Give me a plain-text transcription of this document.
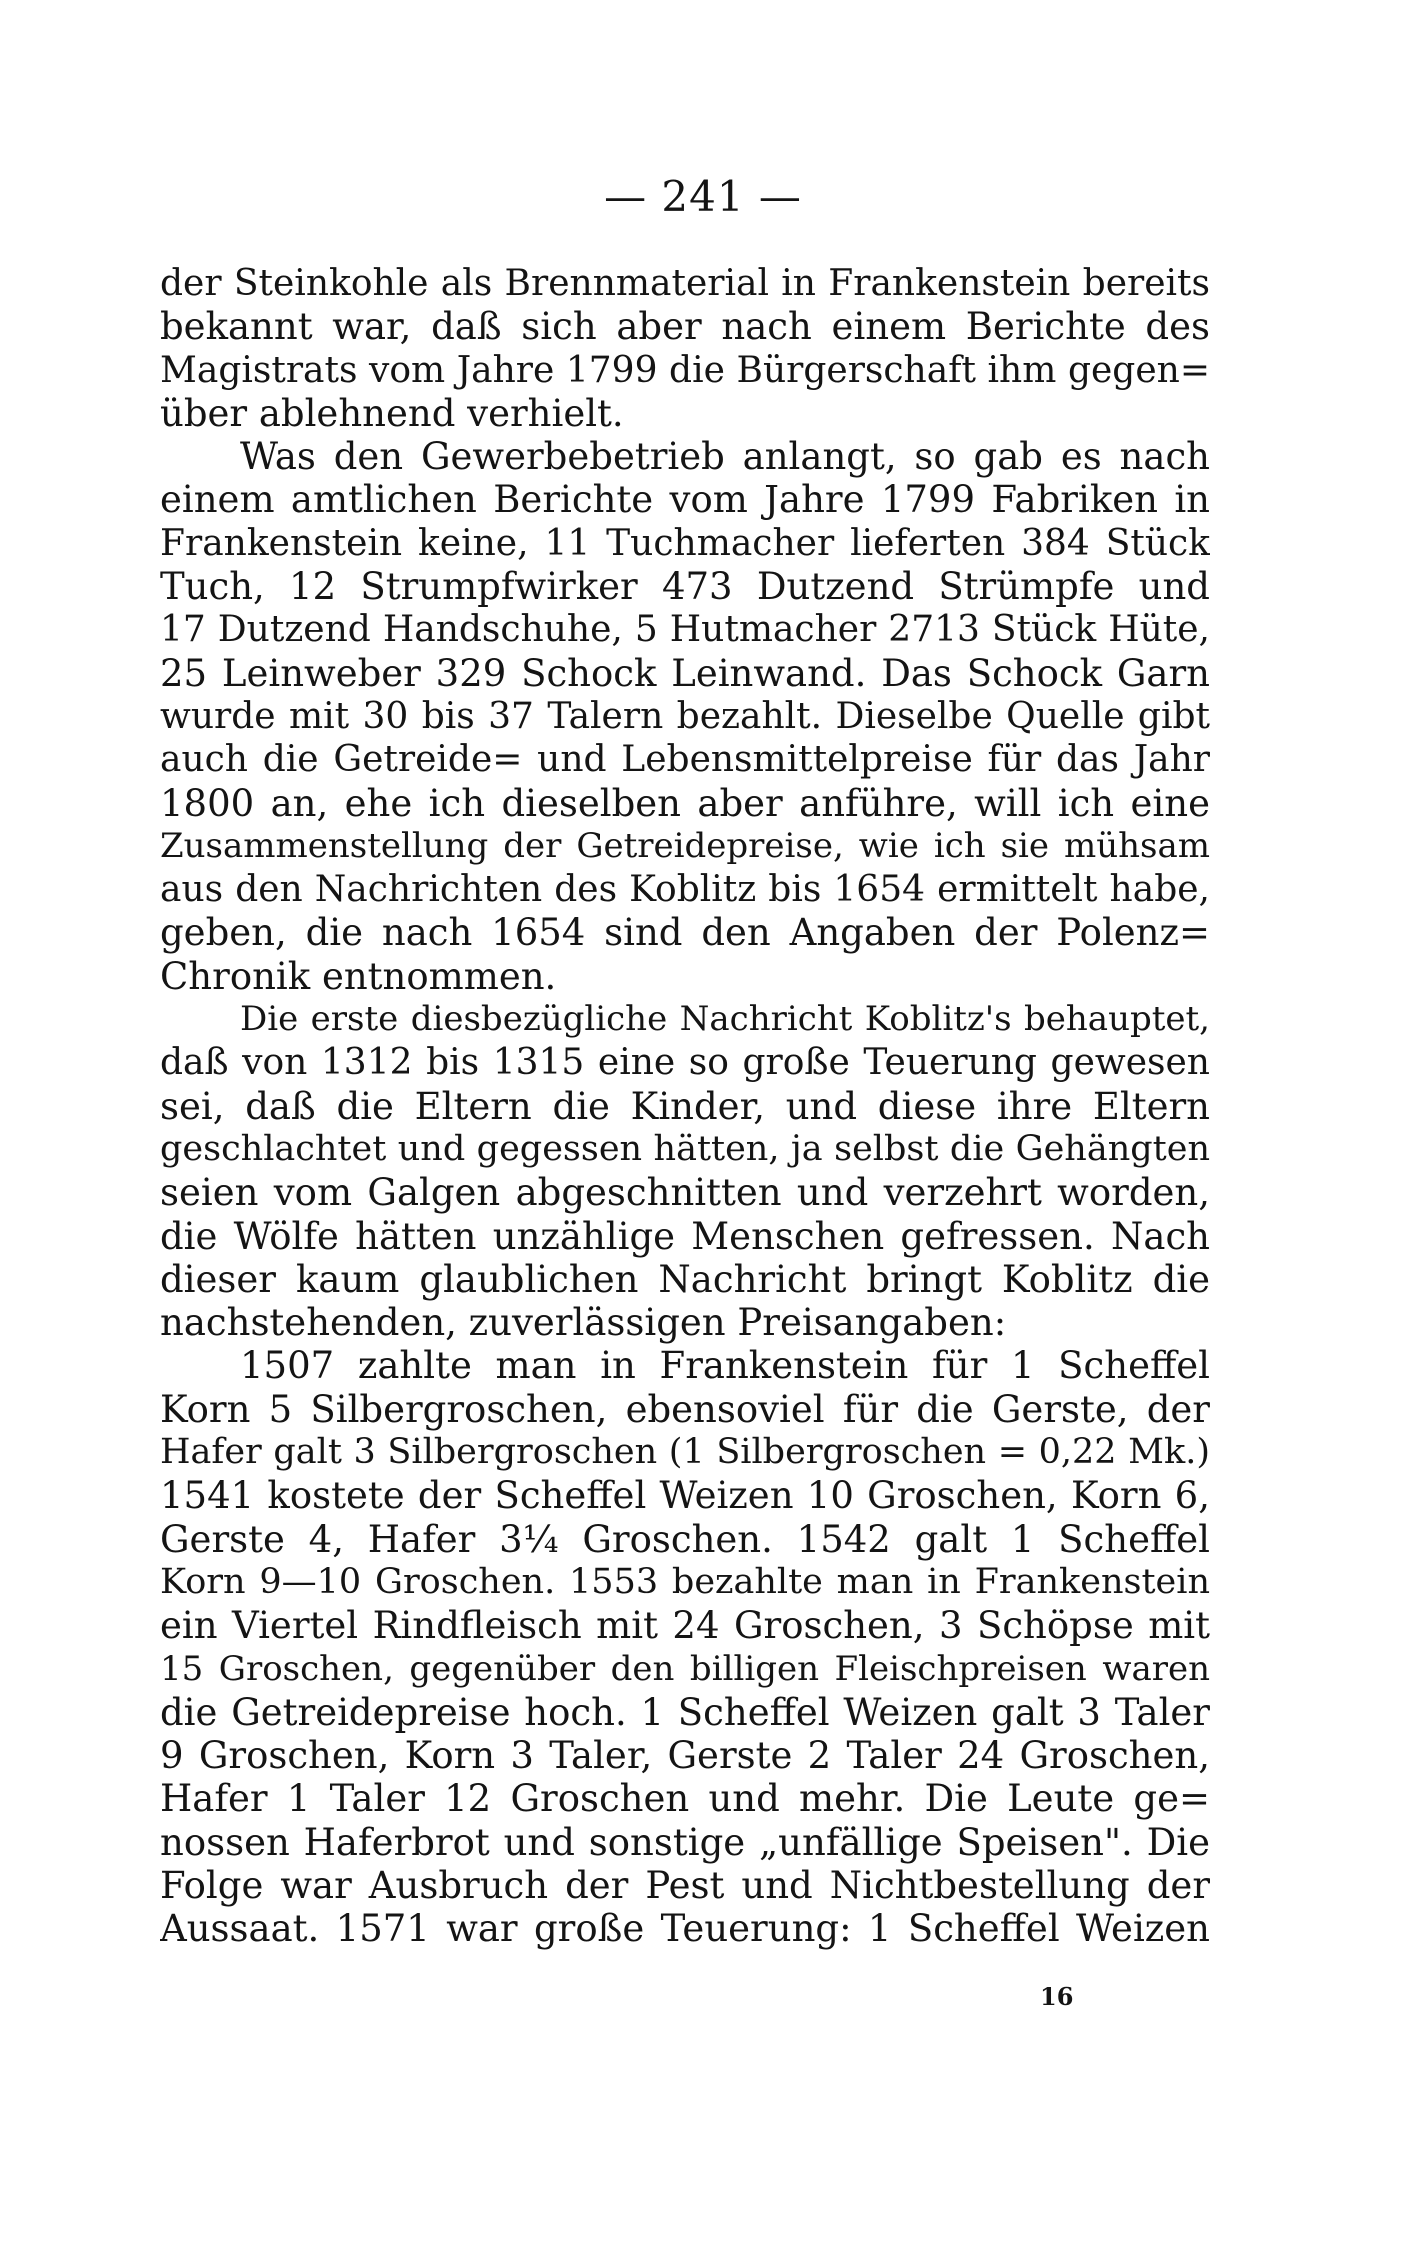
— 241 —
der Steinkohle als Brennmaterial in Frankenstein bereits
bekannt war, daß sich aber nach einem Berichte des
Magistrats vom Jahre 1799 die Bürgerschaft ihm gegen=
über ablehnend verhielt.
Was den Gewerbebetrieb anlangt, so gab es nach
einem amtlichen Berichte vom Jahre 1799 Fabriken in
Frankenstein keine, 11 Tuchmacher lieferten 384 Stück
Tuch, 12 Strumpfwirker 473 Dutzend Strümpfe und
17 Dutzend Handschuhe, 5 Hutmacher 2713 Stück Hüte,
25 Leinweber 329 Schock Leinwand. Das Schock Garn
wurde mit 30 bis 37 Talern bezahlt. Dieselbe Quelle gibt
auch die Getreide= und Lebensmittelpreise für das Jahr
1800 an, ehe ich dieselben aber anführe, will ich eine
Zusammenstellung der Getreidepreise, wie ich sie mühsam
aus den Nachrichten des Koblitz bis 1654 ermittelt habe,
geben, die nach 1654 sind den Angaben der Polenz=
Chronik entnommen.
Die erste diesbezügliche Nachricht Koblitz's behauptet,
daß von 1312 bis 1315 eine so große Teuerung gewesen
sei, daß die Eltern die Kinder, und diese ihre Eltern
geschlachtet und gegessen hätten, ja selbst die Gehängten
seien vom Galgen abgeschnitten und verzehrt worden,
die Wölfe hätten unzählige Menschen gefressen. Nach
dieser kaum glaublichen Nachricht bringt Koblitz die
nachstehenden, zuverlässigen Preisangaben:
1507 zahlte man in Frankenstein für 1 Scheffel
Korn 5 Silbergroschen, ebensoviel für die Gerste, der
Hafer galt 3 Silbergroschen (1 Silbergroschen = 0,22 Mk.)
1541 kostete der Scheffel Weizen 10 Groschen, Korn 6,
Gerste 4, Hafer 3¼ Groschen. 1542 galt 1 Scheffel
Korn 9—10 Groschen. 1553 bezahlte man in Frankenstein
ein Viertel Rindfleisch mit 24 Groschen, 3 Schöpse mit
15 Groschen, gegenüber den billigen Fleischpreisen waren
die Getreidepreise hoch. 1 Scheffel Weizen galt 3 Taler
9 Groschen, Korn 3 Taler, Gerste 2 Taler 24 Groschen,
Hafer 1 Taler 12 Groschen und mehr. Die Leute ge=
nossen Haferbrot und sonstige „unfällige Speisen". Die
Folge war Ausbruch der Pest und Nichtbestellung der
Aussaat. 1571 war große Teuerung: 1 Scheffel Weizen
16
